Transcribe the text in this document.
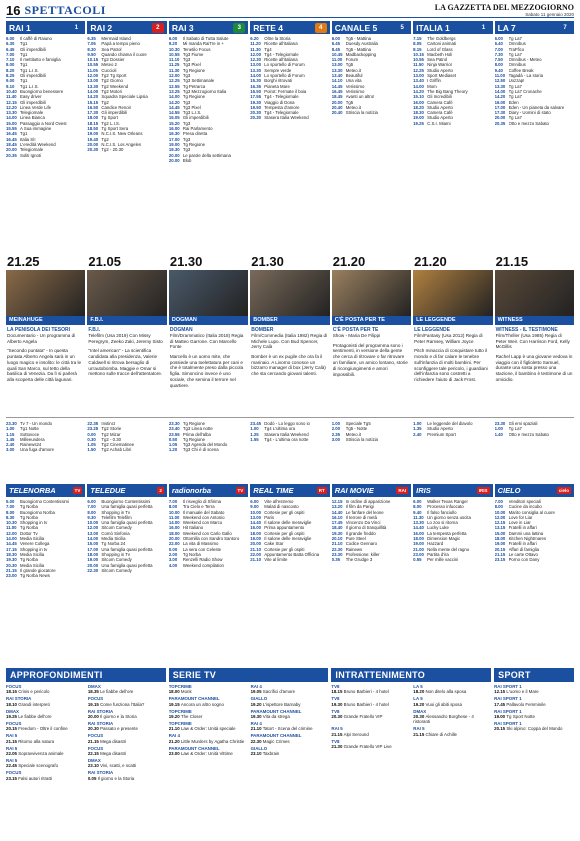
16 SPETTACOLI	LA GAZZETTA DEL MEZZOGIORNO
Sabato 11 gennaio 2020
RAI 1	1
6.00	Il caffè di Raiuno
6.30	Tg1
6.45	Gli imperdibili
7.00	Tg1
7.10	Il mettitutto e famiglia
8.00	Tg1
8.20	Tg1 L.I.S.
8.25	Gli imperdibili
9.00	Tg1
9.10	Tg1 L.I.S.
10.40 Buongiorno benessere
11.40 Easy driver
12.15 Gli imperdibili
12.20 Linea Verde Life
13.30 Telegiornale
14.00 Linea Bianca
15.00 Passaggio a Nord Ovest
15.55 A Sua immagine
16.45 Tg1
16.45 Italia Sì!
18.45 L'eredità Weekend
20.00 Telegiornale
20.35 Soliti Ignoti
RAI 2	2
6.35	Mermaid Island
7.05	Papà a tempo pieno
8.30	Sea Patrol
9.50	Quando chiama il cuore
10.15 Tg2 Dossier
10.55 Meteo 2
11.05 Cuccioli
12.00 Tg2 Tg Sport
13.00 Tg2 Giorno
13.30 Tg2 Weekend
14.00 Tg2 Motori
14.20 Squadra Speciale Lipsia
15.15 Tg2
16.50 Candice Renoir
17.30 Gli imperdibili
18.00 Tg Sport
18.15 Tg2 L.I.S.
18.50 Tg Sport Sera
19.00 N.C.I.S. New Orleans
19.40 Tg2
20.00 N.C.I.S. Los Angeles
20.30 Tg2 - 20.30
RAI 3	3
6.00	Il Sabato di Tutta Salute
9.20	Mi manda RaiTre in +
10.30 Tenetilo Focus
10.55 Tg3 Fiume
11.10 Tg3
11.25 Tg3 Pixel
11.30 Tg Regione
12.00 Tg3
12.25 Tg3 Settimanale
12.55 Tg Petrarca
13.25 Tg3 Mezzogiorno Italia
14.00 Tg Regione
14.20 Tg3
14.45 Tg3 Pixel
14.55 Tg3 L.I.S.
15.05 Gli imperdibili
15.20 Tg3
16.00 Rai Parlamento
16.30 Presa diretta
17.00 Tg3
19.00 Tg Regione
19.30 Tg3
20.00 Le parole della settimana
20.00 Blob
RETE 4	4
6.20	Oltre la Storia
11.20 Ricette all'italiana
11.30 Tg4
12.00 Tg4 - Telegiornale
12.30 Ricette all'italiana
13.00 Lo sportello di Forum
13.30 Sempre verde
14.00 Lo sportello di Forum
15.30 Borghi ritrovati
16.35 Pianeta Mare
16.50 Poirot: Fermate il boia
17.55 Tg4 - Telegiornale
19.30 Viaggio di Dona
19.50 Tempesta d'amore
20.30 Tg4 - Telegiornale
20.30 Stasera Italia Weekend
CANALE 5	5
6.00	Tg5 - Mattina
6.45	Duesdy Australia
8.45	Tg5 - Mattina
10.45 Madbackopping
11.00 Forum
13.00 Tg5
13.30 Meteo.it
13.40 Beautiful
14.10 Una vita
14.45 Verissimo
16.45 Verissimo
18.45 Avanti un altro!
20.00 Tg5
20.40 Meteo.it
20.40 Striscia la notizia
ITALIA 1	1
7.15	The Goldbergs
8.05	Cartoni animati
8.15	Lord of Glass
10.15 Macbeth Holi
10.55 Sea Patrol
11.50 Ninja Warrior
12.25 Studio Aperto
13.00 Sport Mediaset
13.40 I Griffin
14.00 Mom
14.20 The Big Bang Theory
15.10 Gli Incredibili
16.00 Camera Café
18.20 Studio Aperto
18.30 Camera Café
19.00 Studio Aperto
19.25 C.S.I. Miami
LA 7	7
6.00	Tg La7
6.40	Omnibus
7.00	TraFfico
7.30	Tg La7
7.50	Omnibus - Meteo
8.00	Omnibus
9.40	Coffee Break
11.00 Tagadà - La storia
12.50 Uozzap!
13.30 Tg La7
14.00 Tg La7 Cronache
14.20 Tg La7
16.00 Eden
17.00 Eden - Un pianeta da salvare
17.30 Diary - Uomini di stato
20.00 Tg La7
20.35 Otto e mezzo Sabato
21.25
MEINAHUGE
LA PENISOLA DEI TESORI
Documentario - Un programma di Alberto Angela
"Secondo puntata" - In questa puntata Alberto Angela sarà in un luogo magico e insolito: le città tra le quali San Marco, sul tetto della basilica di Venezia. Da lì si parlerà alla scoperta delle città lagunari.
21.05
F.B.I.
F.B.I.
Telefilm (Usa 2019) Con Missy Peregrym, Zeeko Zaki, Jeremy Sisto
"Intel american" - La scientifica candidata alla presidenza, Valerie Caldwell si ritrova bersaglio di un'autobomba. Maggie e Omar si mettono sulle tracce dell'attentatore.
21.30
DOGMAN
DOGMAN
Film/Drammatico (Italia 2018) Regia di Matteo Garrone. Con Marcello Fonte
Marcello è un uomo mite, che possiede una toelettatura per cani e che è totalmente preso dalla piccola figlia. Simoncino invece è uno sociale, che semina il terrore nel quartiere.
21.30
BOMBER
BOMBER
Film/Commedia (Italia 1982) Regia di Michele Lupo. Con Bud Spencer, Jerry Calà
Bomber è un ex pugile che ora fa il marinaio. A Livorno conosce un bizzarro manager di box (Jerry Calà) che sta cercando giovani talenti.
21.20
C'È POSTA PER TE
C'È POSTA PER TE
Show - Maria De Filippi
Protagonisti del programma sono i sentimenti, in versione della gente che cerca di ritrovare o far ritrovare un familiare, un amico lontano, storie di ricongiungimenti e amori impossibili.
21.20
LE LEGGENDE
LE LEGGENDE
Film/Fantasy (Usa 2012) Regia di Peter Ramsey, William Joyce
Pitch minaccia di conquistare tutto il mondo e di far calare le tenebre sull'infanzia di molti bambini. Per sconfiggere tale pericolo, i guardiani dell'infanzia sono costretti a richiedere l'aiuto di Jack Frost.
21.15
WITNESS
WITNESS - IL TESTIMONE
Film/Thriller (Usa 1985) Regia di Peter Weir. Con Harrison Ford, Kelly McGillis
Rachel Lapp è una giovane vedova in viaggio con il figlioletto Samuel, durante una sosta presso una stazione, il bambino è testimone di un omicidio.
23.30 Tv 7 - Un mondo
1.00	Tg1 Notte
1.15	Sottovoce
1.45	Milleeundera
2.40	Rainews24
3.00	Una fuga d'amore
22.35 Instinct
23.25 Tg2 Storie
0.00	Tg2 Mizar
0.30	Tg2 - 0.30
1.05	Tg2 Cinematinee
1.50	Tg2 Achab Libri
23.30 Tg Regione
23.40 Tg3 Linea notte
23.55 Prima dell'alba
0.50	Tg Regione
1.05	Tg3 Agenda del Mondo
1.20	Tg3 Chi è di scena
23.45 Dodò - Lo leggo sono io
1.00	Tg4 L'ultima ora
1.25	Stasera Italia Weekend
1.55	Tg4 - L'ultima ora notte
1.00	Speciale Tg5
2.00	Tg5 - Notte
2.35	Meteo.it
3.00	Striscia la notizia
1.00	Le leggende del diavolo
1.35	Studio Aperto
2.40	Premium Sport
23.30 Gli emi spaziali
1.00	Tg La7
1.40	Otto e mezzo Sabato
TELENORBA	TV
5.00	Buongiorno Contentissimi
7.00	Tg Norba
8.00	Buongiorno Norba
8.30	Tg Norba
10.30 Shopping in tv
11.00 Tg Norba
12.00 Dottor Tv
14.00 Media Sicilia
14.45 Venere Collega
17.15 Shopping in tv
18.30 Media Sicilia
19.30 Tg Norba
20.30 Media Sicilia
21.15 Il grande giocatore
23.00 Tg Norba News
TELEDUE	2
6.00	Buongiorno Contentissimi
7.00	Una famiglia quasi perfetta
8.00	Shopping in Tv
9.30	Telefilm Telefilm
10.00 Una famiglia quasi perfetta
12.00 Sitcom Comedy
13.00 Comò Sinfonia
14.00 Media Sicilia
15.00 Tg Norba 24
17.00 Una famiglia quasi perfetta
18.00 Shopping in Tv
19.00 Sitcom Comedy
20.00 Una famiglia quasi perfetta
22.30 Sitcom Comedy
radionorba	TV
7.00	Il risveglio di Sfirima
8.00	Tra Cielo e Terra
10.00 Il manuale del Sabato
11.00 Weekend con Antonio
14.00 Weekend con Marco
16.00 Hit Italiano
18.00 Weekend con Carlo Gallo
20.00 Ottomilla con Sandro Santoro
22.00 La vita di Massimo
0.00	La sera con Celeste
2.00	Tg Norba
3.00	Renzelli Radio Show
4.00	Weekend compilation
REAL TIME	RT
6.00	Vite all'estremo
9.00	Malati di nascosto
10.00 Cortesie per gli ospiti
13.00 Paris
14.40 Il salone delle meraviglie
16.00 Prima appuntamento
18.00 Cortesie per gli ospiti
19.00 Il salone delle meraviglie
20.00 Cake Star
21.10 Cortesie per gli ospiti
22.00 Appuntamento Batta Officina
21.10 Vite al limite
RAI MOVIE	RAI
12.15 In ordine di apparizione
13.20 Il film da Parigi
14.40 Le fanfare del leone
16.10 Il terrore di metà
17.45 Vincenzo Da Vinci
18.40 Il giorno di tranquillità
19.30 Il grande freddo
20.10 Pure Steel
21.10 Codice Gennaro
22.30 Rainews
23.30 Professione: killer
0.35	The Grudge 3
IRIS	IRIS
6.00	Walker Texas Ranger
8.00	Processo infuocato
9.40	Il falso fanciullo
11.30 Un giorno senza uscita
13.30 Lo zoo si ritorna
14.40 Lucky Luke
16.00 La tempesta perfetta
18.00 Dimension Magic
19.00 Hazzard
21.00 Nella mente del ragno
23.00 Partita d'ira
0.55	Per mille vaccini
CIELO	cielo
7.00	Venditori speciali
8.00	Cucine da incubo
10.00 Marito consiglia al cuore
12.00 Love for Liar
12.15 Love in Liar
13.15 Fratelli in affari
15.00 Dammi una lattina
18.00 Kitchen Nightmares
19.00 Fratelli in affari
20.15 Affari di famiglia
21.15 Le carte Ottavo
23.15 Porno con Dany
APPROFONDIMENTI
FOCUS
18.15 Crisis e pericolo
DMAX
18.35 Le fiabbe dell'ore
RAI STORIA
18.10 Grandi interpreti
FOCUS
19.15 Come funziona l'Italia?
DMAX
19.25 Le fiabbe dell'ore
RAI STORIA
20.00 Il giorno e la Storia
FOCUS
20.15 Freedom - Oltre il confine
RAI STORIA
20.30 Passato e presente
RAI 5
21.15 Ritorno alla natura
FOCUS
21.15 Mega disastri
RAI 5
22.05 Sopravvivenza animale
FOCUS
22.15 Mega disastri
RAI 5
22.45 Speciale scenografo
DMAX
23.10 Vivi, scatti, e scatti
FOCUS
23.15 Falsi autori ritratti
RAI STORIA
0.05 Il giorno e la Storia
SERIE TV
TOPCRIME
18.00 Monk
RAI 4
19.05 Sacrifici d'amore
PARAMOUNT CHANNEL
19.15 Ancora un altro sogno
GIALLO
19.20 L'ispettore Barnaby
TOPCRIME
19.20 The Closer
PARAMOUNT CHANNEL
19.30 Vita da strega
TOPCRIME
21.10 Law & Order: Unità speciale
RAI 4
21.10 Tatort - Scena del crimine
RAI 4
21.20 Little Murders by Agatha Christie
PARAMOUNT CHANNEL
22.30 Magic Crimes
PARAMOUNT CHANNEL
23.00 Law & Order: Unità Vittime
GIALLO
23.10 Taxbrain
INTRATTENIMENTO
TV8
18.15 Bruno Barbieri - 4 hotel
LA 5
18.20 Non ditelo alla sposa
TV8
19.30 Bruno Barbieri - 4 hotel
LA 5
19.20 Vuoi gli abiti sposa
TV8
20.30 Grande Fratello VIP
DMAX
20.30 Alessandro Borghese - 4 ristoranti
RAI 5
21.15 Alpi Seround
RAI 5
21.15 Chiare di Achille
TV8
21.30 Grande Fratello VIP Live
SPORT
RAI SPORT 1
12.15 L'uomo e il Mare
RAI SPORT 1
17.45 Pallavolo Femminile
RAI SPORT 1
19.00 Tg Sport Notte
RAI SPORT 1
20.15 Ski alpino: Coppa del Mondo
